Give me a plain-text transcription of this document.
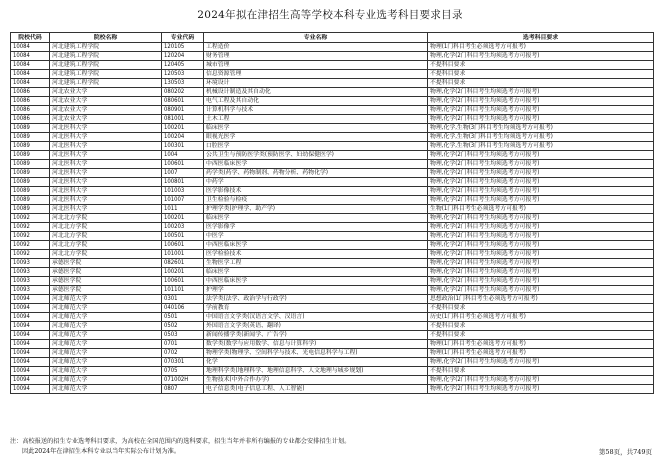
2024年拟在津招生高等学校本科专业选考科目要求目录
院校代码	院校名称	专业代码	专业名称	选考科目要求
10084	河北建筑工程学院	120105	工程造价	物理(1门科目考生必须选考方可报考)
10084	河北建筑工程学院	120204	财务管理	物理,化学(2门科目考生均须选考方可报考)
10084	河北建筑工程学院	120405	城市管理	不提科目要求
10084	河北建筑工程学院	120503	信息资源管理	不提科目要求
10084	河北建筑工程学院	130503	环境设计	不提科目要求
10086	河北农业大学	080202	机械设计制造及其自动化	物理,化学(2门科目考生均须选考方可报考)
10086	河北农业大学	080601	电气工程及其自动化	物理,化学(2门科目考生均须选考方可报考)
10086	河北农业大学	080901	计算机科学与技术	物理,化学(2门科目考生均须选考方可报考)
10086	河北农业大学	081001	土木工程	物理,化学(2门科目考生均须选考方可报考)
10089	河北医科大学	100201	临床医学	物理,化学,生物(3门科目考生均须选考方可报考)
10089	河北医科大学	100204	眼视光医学	物理,化学,生物(3门科目考生均须选考方可报考)
10089	河北医科大学	100301	口腔医学	物理,化学,生物(3门科目考生均须选考方可报考)
10089	河北医科大学	1004	公共卫生与预防医学类(预防医学、妇幼保健医学)	物理,化学(2门科目考生均须选考方可报考)
10089	河北医科大学	100601	中西医临床医学	物理,化学(2门科目考生均须选考方可报考)
10089	河北医科大学	1007	药学类(药学、药物制剂、药物分析、药物化学)	物理,化学(2门科目考生均须选考方可报考)
10089	河北医科大学	100801	中药学	物理,化学(2门科目考生均须选考方可报考)
10089	河北医科大学	101003	医学影像技术	物理,化学(2门科目考生均须选考方可报考)
10089	河北医科大学	101007	卫生检验与检疫	物理,化学(2门科目考生均须选考方可报考)
10089	河北医科大学	1011	护理学类(护理学、助产学)	生物(1门科目考生必须选考方可报考)
10092	河北北方学院	100201	临床医学	物理,化学(2门科目考生均须选考方可报考)
10092	河北北方学院	100203	医学影像学	物理,化学(2门科目考生均须选考方可报考)
10092	河北北方学院	100501	中医学	物理,化学(2门科目考生均须选考方可报考)
10092	河北北方学院	100601	中西医临床医学	物理,化学(2门科目考生均须选考方可报考)
10092	河北北方学院	101001	医学检验技术	物理,化学(2门科目考生均须选考方可报考)
10093	承德医学院	082601	生物医学工程	物理,化学(2门科目考生均须选考方可报考)
10093	承德医学院	100201	临床医学	物理,化学(2门科目考生均须选考方可报考)
10093	承德医学院	100601	中西医临床医学	物理,化学(2门科目考生均须选考方可报考)
10093	承德医学院	101101	护理学	物理,化学(2门科目考生均须选考方可报考)
10094	河北师范大学	0301	法学类(法学、政治学与行政学)	思想政治(1门科目考生必须选考方可报考)
10094	河北师范大学	040106	学前教育	不提科目要求
10094	河北师范大学	0501	中国语言文学类(汉语言文学、汉语言)	历史(1门科目考生必须选考方可报考)
10094	河北师范大学	0502	外国语言文学类(英语、翻译)	不提科目要求
10094	河北师范大学	0503	新闻传播学类(新闻学、广告学)	不提科目要求
10094	河北师范大学	0701	数学类(数学与应用数学、信息与计算科学)	物理(1门科目考生必须选考方可报考)
10094	河北师范大学	0702	物理学类(物理学、空间科学与技术、光电信息科学与工程)	物理(1门科目考生必须选考方可报考)
10094	河北师范大学	070301	化学	物理,化学(2门科目考生均须选考方可报考)
10094	河北师范大学	0705	地理科学类(地理科学、地理信息科学、人文地理与城乡规划)	不提科目要求
10094	河北师范大学	071002H	生物技术(中外合作办学)	物理,化学(2门科目考生均须选考方可报考)
10094	河北师范大学	0807	电子信息类(电子信息工程、人工智能)	物理,化学(2门科目考生均须选考方可报考)
注：高校报送的招生专业选考科目要求，为高校在全国范围内的选科要求，招生当年并非所有编报的专业都会安排招生计划。
因此2024年在津招生本科专业以当年实际公布计划为准。	第58页，共749页
